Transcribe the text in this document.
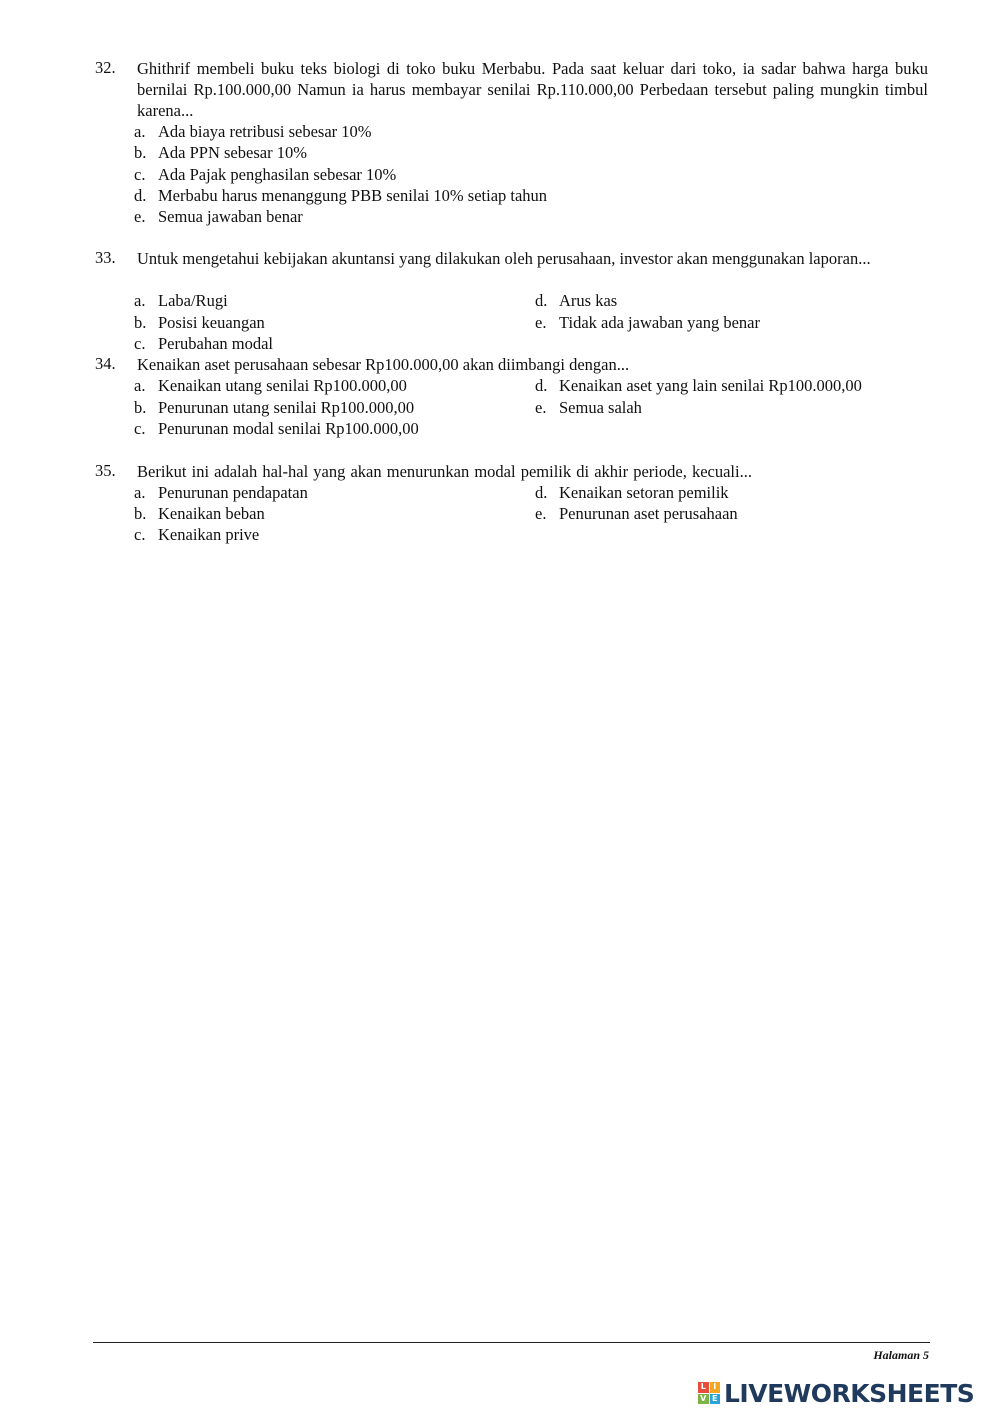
32. Ghithrif membeli buku teks biologi di toko buku Merbabu. Pada saat keluar dari toko, ia sadar bahwa harga buku bernilai Rp.100.000,00 Namun ia harus membayar senilai Rp.110.000,00 Perbedaan tersebut paling mungkin timbul karena...
a. Ada biaya retribusi sebesar 10%
b. Ada PPN sebesar 10%
c. Ada Pajak penghasilan sebesar 10%
d. Merbabu harus menanggung PBB senilai 10% setiap tahun
e. Semua jawaban benar
33. Untuk mengetahui kebijakan akuntansi yang dilakukan oleh perusahaan, investor akan menggunakan laporan...
a. Laba/Rugi
b. Posisi keuangan
c. Perubahan modal
d. Arus kas
e. Tidak ada jawaban yang benar
34. Kenaikan aset perusahaan sebesar Rp100.000,00 akan diimbangi dengan...
a. Kenaikan utang senilai Rp100.000,00
b. Penurunan utang senilai Rp100.000,00
c. Penurunan modal senilai Rp100.000,00
d. Kenaikan aset yang lain senilai Rp100.000,00
e. Semua salah
35. Berikut ini adalah hal-hal yang akan menurunkan modal pemilik di akhir periode, kecuali...
a. Penurunan pendapatan
b. Kenaikan beban
c. Kenaikan prive
d. Kenaikan setoran pemilik
e. Penurunan aset perusahaan
Halaman 5
L I
V E LIVEWORKSHEETS
